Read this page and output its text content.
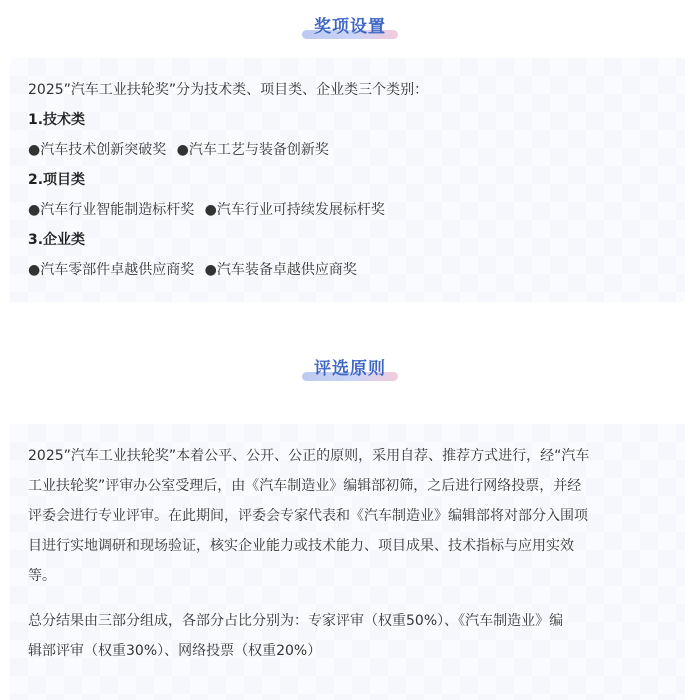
奖项设置
2025”汽车工业扶轮奖”分为技术类、项目类、企业类三个类别：
1.技术类
●汽车技术创新突破奖 ●汽车工艺与装备创新奖
2.项目类
●汽车行业智能制造标杆奖 ●汽车行业可持续发展标杆奖
3.企业类
●汽车零部件卓越供应商奖 ●汽车装备卓越供应商奖
评选原则
2025”汽车工业扶轮奖”本着公平、公开、公正的原则，采用自荐、推荐方式进行，经“汽车
工业扶轮奖”评审办公室受理后，由《汽车制造业》编辑部初筛，之后进行网络投票，并经
评委会进行专业评审。在此期间，评委会专家代表和《汽车制造业》编辑部将对部分入围项
目进行实地调研和现场验证，核实企业能力或技术能力、项目成果、技术指标与应用实效
等。
总分结果由三部分组成，各部分占比分别为：专家评审（权重50%）、《汽车制造业》编
辑部评审（权重30%）、网络投票（权重20%）
